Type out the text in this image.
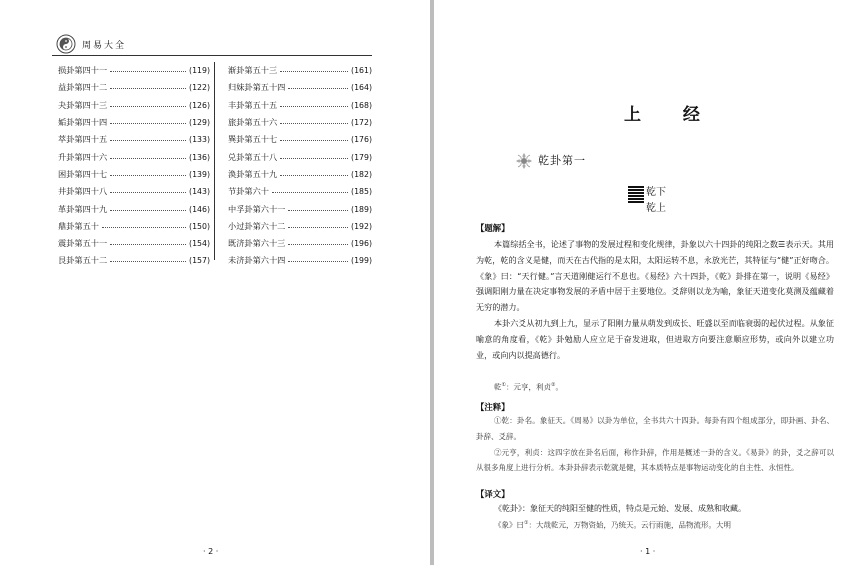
周易大全
损卦第四十一	(119)
益卦第四十二	(122)
夬卦第四十三	(126)
姤卦第四十四	(129)
萃卦第四十五	(133)
升卦第四十六	(136)
困卦第四十七	(139)
井卦第四十八	(143)
革卦第四十九	(146)
鼎卦第五十	(150)
震卦第五十一	(154)
艮卦第五十二	(157)
渐卦第五十三	(161)
归妹卦第五十四	(164)
丰卦第五十五	(168)
旅卦第五十六	(172)
巽卦第五十七	(176)
兑卦第五十八	(179)
涣卦第五十九	(182)
节卦第六十	(185)
中孚卦第六十一	(189)
小过卦第六十二	(192)
既济卦第六十三	(196)
未济卦第六十四	(199)
· 2 ·
上 经
乾卦第一
乾下
乾上
【题解】

本篇综括全书，论述了事物的发展过程和变化规律，卦象以六十四卦的纯阳之数☰表示天。其用为乾，乾的含义是健，而天在古代指的是太阳，太阳运转不息，永放光芒，其特征与“健”正好吻合。《象》曰：“天行健。”言天道刚健运行不息也。《易经》六十四卦，《乾》卦排在第一，说明《易经》强调阳刚力量在决定事物发展的矛盾中居于主要地位。爻辞则以龙为喻，象征天道变化莫测及蕴藏着无穷的潜力。

本卦六爻从初九到上九，显示了阳刚力量从萌发到成长、旺盛以至而临衰弱的起伏过程。从象征喻意的角度看，《乾》卦勉励人应立足于奋发进取，但进取方向要注意顺应形势，或向外以建立功业，或向内以提高德行。

乾①：元亨，利贞②。

【注释】

①乾：卦名。象征天。《周易》以卦为单位，全书共六十四卦。每卦有四个组成部分，即卦画、卦名、卦辞、爻辞。

②元亨，利贞：这四字放在卦名后面，称作卦辞，作用是概述一卦的含义。《易卦》的卦，爻之辞可以从很多角度上进行分析。本卦卦辞表示乾就是健，其本质特点是事物运动变化的自主性、永恒性。

【译文】

《乾卦》：象征天的纯阳至健的性质，特点是元始、发展、成熟和收藏。

《象》曰①：大哉乾元，万物资始，乃统天。云行雨施，品物流形。大明

· 1 ·
